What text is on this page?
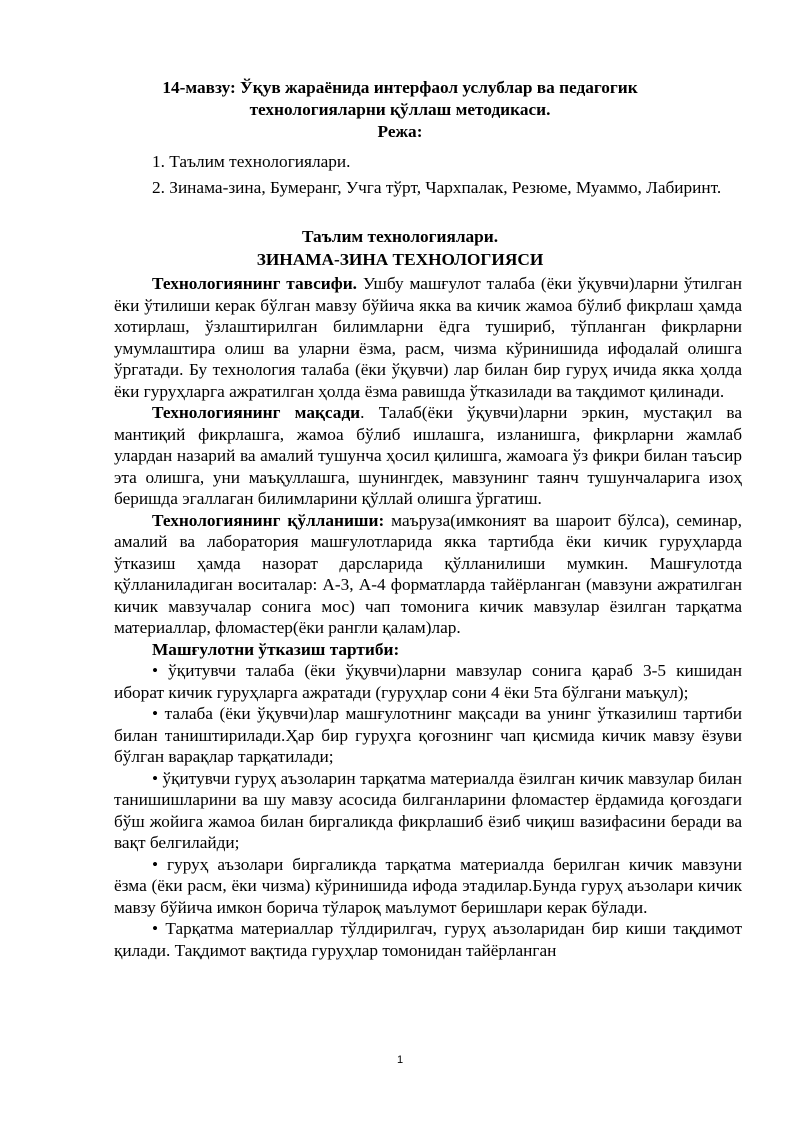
14-мавзу: Ўқув жараёнида интерфаол услублар ва педагогик
технологияларни қўллаш методикаси.
Режа:

1. Таълим технологиялари.

2. Зинама-зина, Бумеранг, Учга тўрт, Чархпалак, Резюме, Муаммо, Лабиринт.

Таълим технологиялари.
ЗИНАМА-ЗИНА ТЕХНОЛОГИЯСИ

Технологиянинг тавсифи. Ушбу машғулот талаба (ёки ўқувчи)ларни ўтилган ёки ўтилиши керак бўлган мавзу бўйича якка ва кичик жамоа бўлиб фикрлаш ҳамда хотирлаш, ўзлаштирилган билимларни ёдга тушириб, тўпланган фикрларни умумлаштира олиш ва уларни ёзма, расм, чизма кўринишида ифодалай олишга ўргатади. Бу технология талаба (ёки ўқувчи) лар билан бир гуруҳ ичида якка ҳолда ёки гуруҳларга ажратилган ҳолда ёзма равишда ўтказилади ва тақдимот қилинади.

Технологиянинг мақсади. Талаб(ёки ўқувчи)ларни эркин, мустақил ва мантиқий фикрлашга, жамоа бўлиб ишлашга, изланишга, фикрларни жамлаб улардан назарий ва амалий тушунча ҳосил қилишга, жамоага ўз фикри билан таъсир эта олишга, уни маъқуллашга, шунингдек, мавзунинг таянч тушунчаларига изоҳ беришда эгаллаган билимларини қўллай олишга ўргатиш.

Технологиянинг қўлланиши: маъруза(имконият ва шароит бўлса), семинар, амалий ва лаборатория машғулотларида якка тартибда ёки кичик гуруҳларда ўтказиш ҳамда назорат дарсларида қўлланилиши мумкин. Машғулотда қўлланиладиган воситалар: А-3, А-4 форматларда тайёрланган (мавзуни ажратилган кичик мавзучалар сонига мос) чап томонига кичик мавзулар ёзилган тарқатма материаллар, фломастер(ёки рангли қалам)лар.

Машғулотни ўтказиш тартиби:

• ўқитувчи талаба (ёки ўқувчи)ларни мавзулар сонига қараб 3-5 кишидан иборат кичик гуруҳларга ажратади (гуруҳлар сони 4 ёки 5та бўлгани маъқул);

• талаба (ёки ўқувчи)лар машғулотнинг мақсади ва унинг ўтказилиш тартиби билан таништирилади.Ҳар бир гуруҳга қоғознинг чап қисмида кичик мавзу ёзуви бўлган варақлар тарқатилади;

• ўқитувчи гуруҳ аъзоларин тарқатма материалда ёзилган кичик мавзулар билан танишишларини ва шу мавзу асосида билганларини фломастер ёрдамида қоғоздаги бўш жойига жамоа билан биргаликда фикрлашиб ёзиб чиқиш вазифасини беради ва вақт белгилайди;

• гуруҳ аъзолари биргаликда тарқатма материалда берилган кичик мавзуни ёзма (ёки расм, ёки чизма) кўринишида ифода этадилар.Бунда гуруҳ аъзолари кичик мавзу бўйича имкон борича тўлароқ маълумот беришлари керак бўлади.

• Тарқатма материаллар тўлдирилгач, гуруҳ аъзоларидан бир киши тақдимот қилади. Тақдимот вақтида гуруҳлар томонидан тайёрланган

1
